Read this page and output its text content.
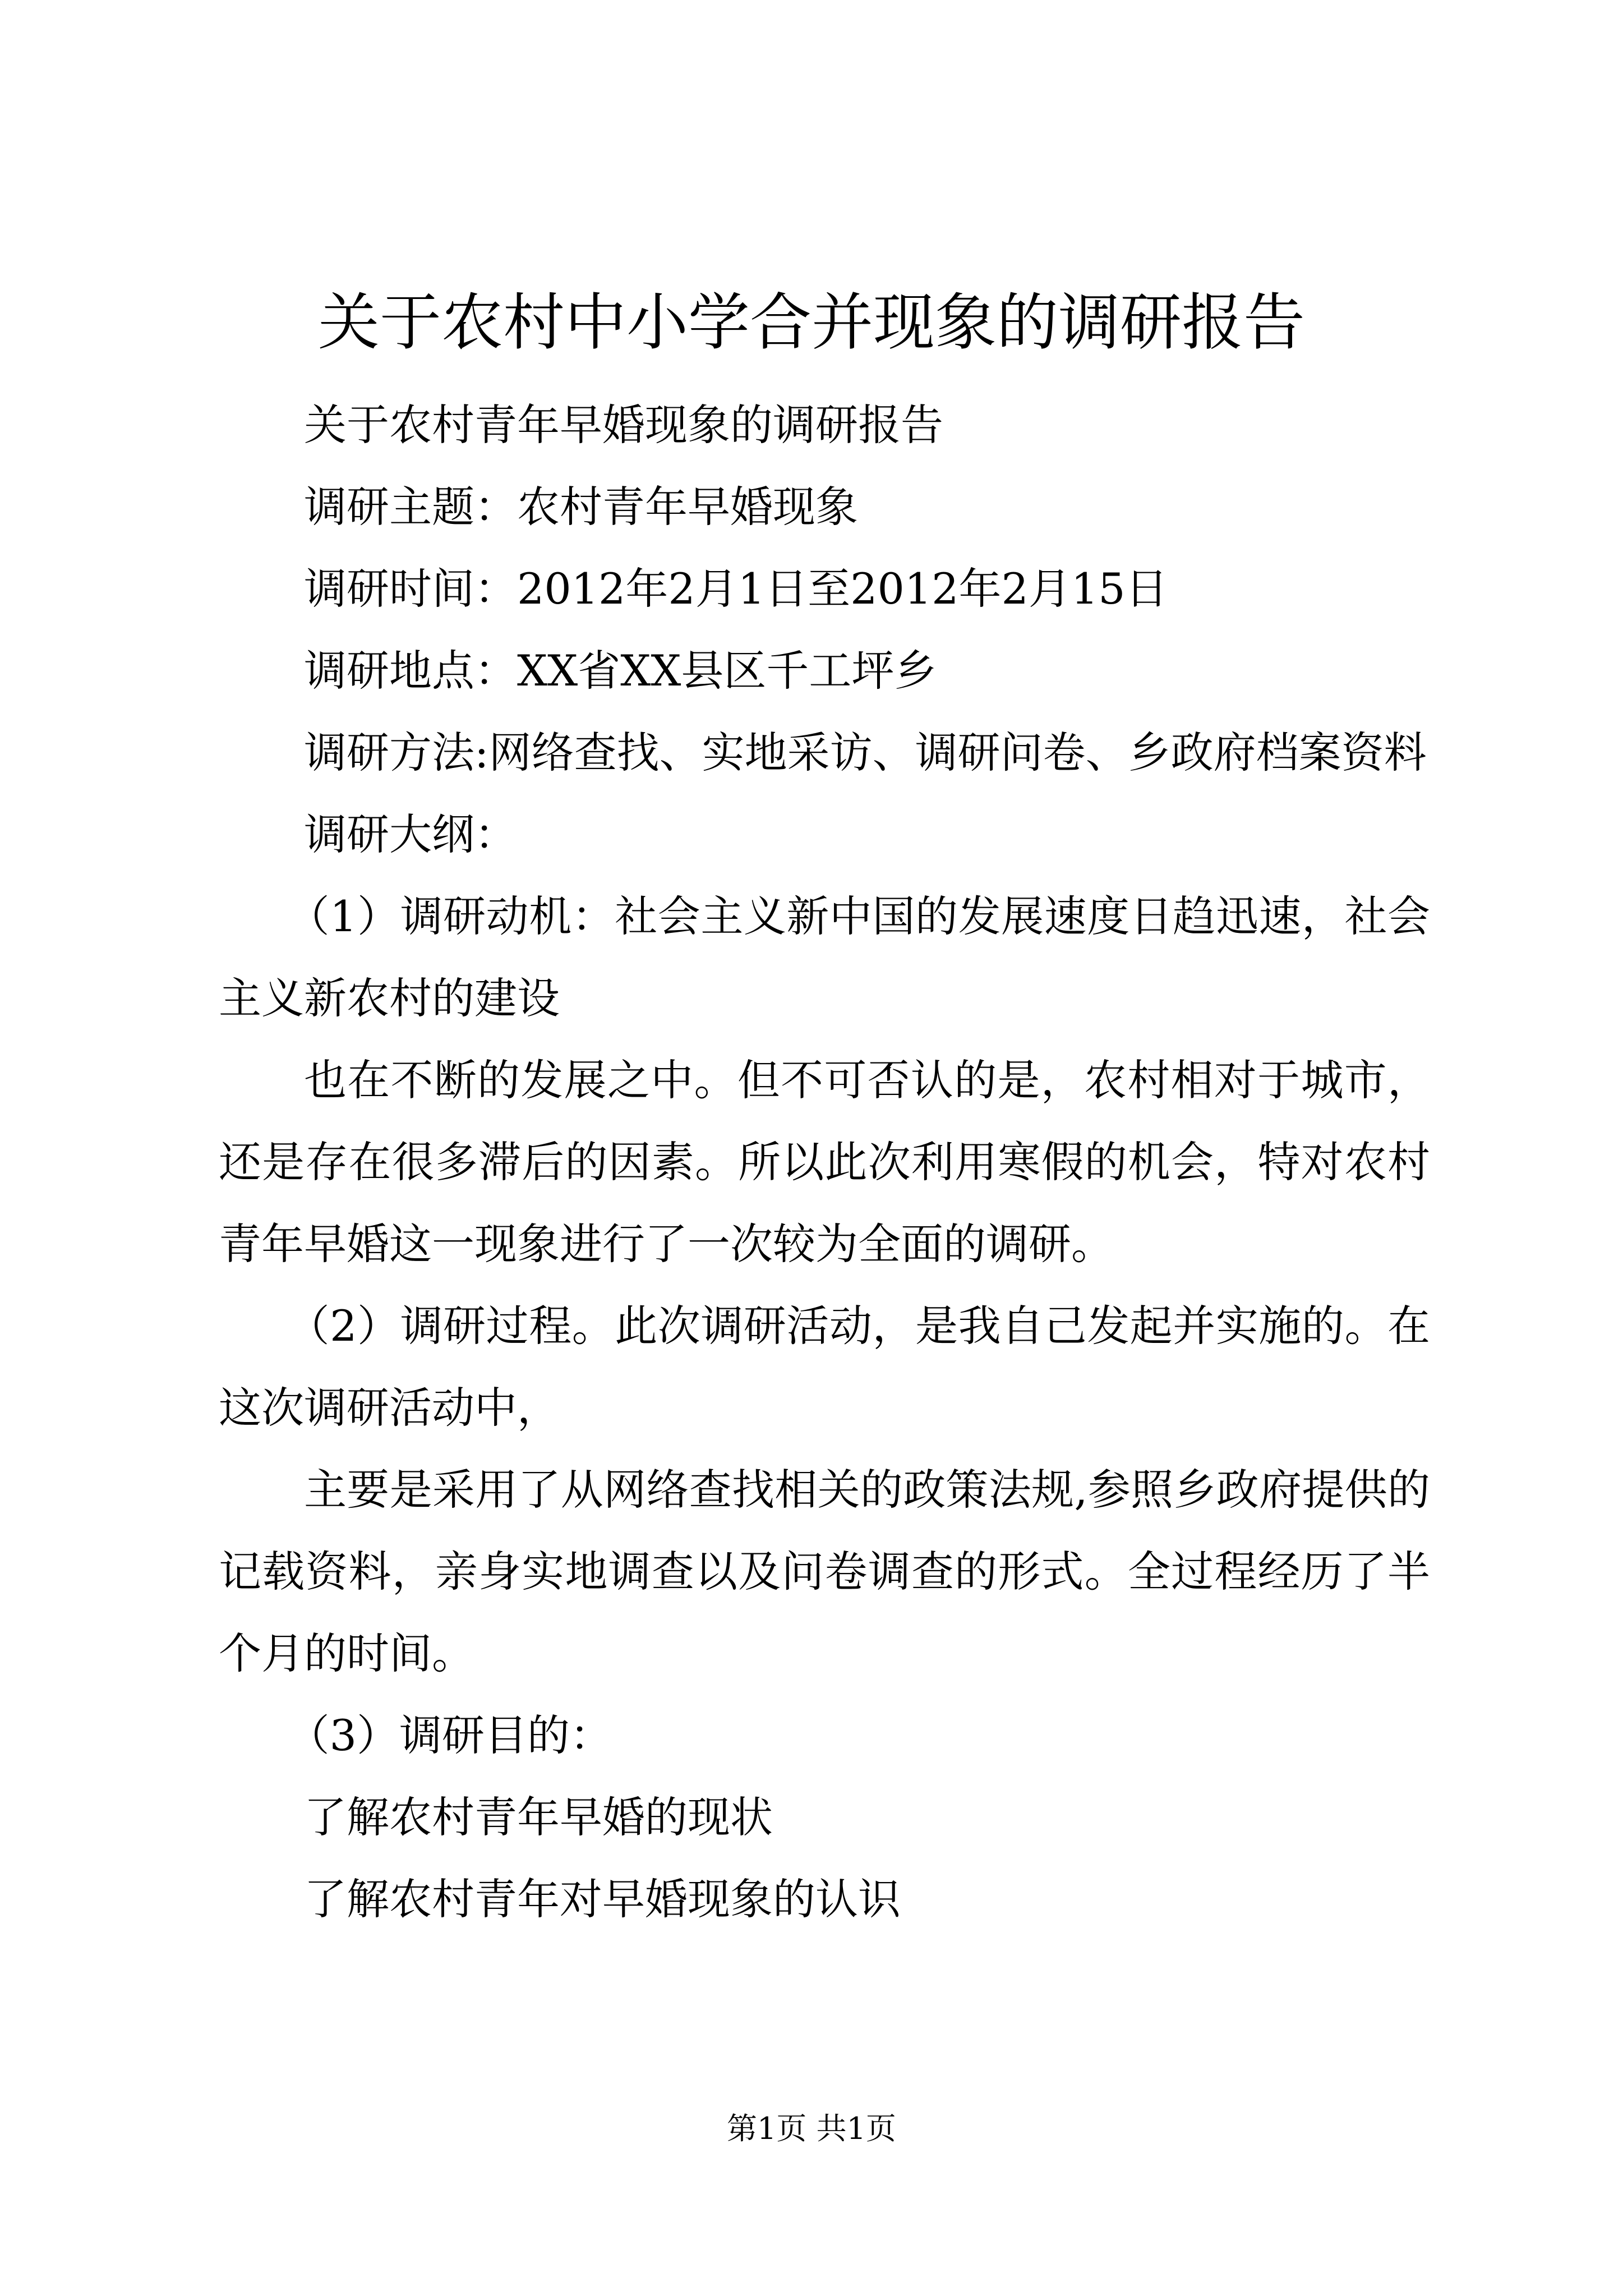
关于农村中小学合并现象的调研报告

关于农村青年早婚现象的调研报告

调研主题：农村青年早婚现象

调研时间：2012年2月1日至2012年2月15日

调研地点：XX省XX县区千工坪乡

调研方法:网络查找、实地采访、调研问卷、乡政府档案资料

调研大纲：

（1）调研动机：社会主义新中国的发展速度日趋迅速，社会主义新农村的建设

也在不断的发展之中。但不可否认的是，农村相对于城市，还是存在很多滞后的因素。所以此次利用寒假的机会，特对农村青年早婚这一现象进行了一次较为全面的调研。

（2）调研过程。此次调研活动，是我自己发起并实施的。在这次调研活动中，

主要是采用了从网络查找相关的政策法规,参照乡政府提供的记载资料，亲身实地调查以及问卷调查的形式。全过程经历了半个月的时间。

（3）调研目的：

了解农村青年早婚的现状

了解农村青年对早婚现象的认识

第1页 共1页
